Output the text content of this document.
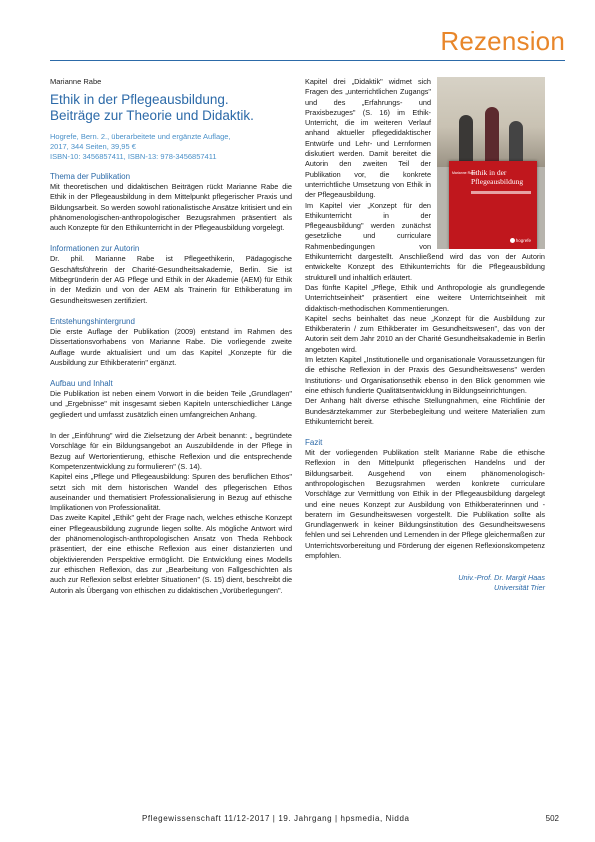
Rezension
Marianne Rabe
Ethik in der Pflegeausbildung.
Beiträge zur Theorie und Didaktik.
Hogrefe, Bern. 2., überarbeitete und ergänzte Auflage,
2017, 344 Seiten, 39,95 €
ISBN-10: 3456857411, ISBN-13: 978-3456857411
Thema der Publikation

Mit theoretischen und didaktischen Beiträgen rückt Marianne Rabe die Ethik in der Pflegeausbildung in dem Mittelpunkt pflegerischer Praxis und Bildungsarbeit. So werden sowohl rationalistische Ansätze kritisiert und ein phänomenologischen-anthropologischer Bezugsrahmen präsentiert als auch Konzepte für den Ethikunterricht in der Pflegeausbildung vorgelegt.

Informationen zur Autorin

Dr. phil. Marianne Rabe ist Pflegeethikerin, Pädagogische Geschäftsführerin der Charité-Gesundheitsakademie, Berlin. Sie ist Mitbegründerin der AG Pflege und Ethik in der Akademie (AEM) für Ethik in der Medizin und von der AEM als Trainerin für Ethikberatung im Gesundheitswesen zertifiziert.

Entstehungshintergrund

Die erste Auflage der Publikation (2009) entstand im Rahmen des Dissertationsvorhabens von Marianne Rabe. Die vorliegende zweite Auflage wurde aktualisiert und um das Kapitel „Konzepte für die Ausbildung zur Ethikberaterin" ergänzt.

Aufbau und Inhalt

Die Publikation ist neben einem Vorwort in die beiden Teile „Grundlagen" und „Ergebnisse" mit insgesamt sieben Kapiteln unterschiedlicher Länge gegliedert und umfasst zusätzlich einen umfangreichen Anhang.

In der „Einführung" wird die Zielsetzung der Arbeit benannt: „ begründete Vorschläge für ein Bildungsangebot an Auszubildende in der Pflege in Bezug auf Wertorientierung, ethische Reflexion und die entsprechende Kompetenzentwicklung zu formulieren" (S. 14).

Kapitel eins „Pflege und Pflegeausbildung: Spuren des beruflichen Ethos" setzt sich mit dem historischen Wandel des pflegerischen Ethos auseinander und thematisiert Professionalisierung in Bezug auf ethische Implikationen von Professionalität.

Das zweite Kapitel „Ethik" geht der Frage nach, welches ethische Konzept einer Pflegeausbildung zugrunde liegen sollte. Als mögliche Antwort wird der phänomenologisch-anthropologischen Ansatz von Theda Rehbock präsentiert, der eine ethische Reflexion aus einer distanzierten und objektivierenden Perspektive ermöglicht. Die Entwicklung eines Modells zur ethischen Reflexion, das zur „Bearbeitung von Fallgeschichten als auch zur Reflexion selbst erlebter Situationen" (S. 15) dient, beschreibt die Autorin als Übergang von ethischen zu didaktischen „Vorüberlegungen".

Marianne Rabe
Ethik in der Pflegeausbildung
hogrefe

Kapitel drei „Didaktik" widmet sich Fragen des „unterrichtlichen Zugangs" und des „Erfahrungs- und Praxisbezuges" (S. 16) im Ethik-Unterricht, die im weiteren Verlauf anhand aktueller pflegedidaktischer Entwürfe und Lehr- und Lernformen diskutiert werden. Damit bereitet die Autorin den zweiten Teil der Publikation vor, die konkrete unterrichtliche Umsetzung von Ethik in der Pflegeausbildung.

Im Kapitel vier „Konzept für den Ethikunterricht in der Pflegeausbildung" werden zunächst gesetzliche und curriculare Rahmenbedingungen von Ethikunterricht dargestellt. Anschließend wird das von der Autorin entwickelte Konzept des Ethikunterrichts für die Pflegeausbildung strukturell und inhaltlich erläutert.

Das fünfte Kapitel „Pflege, Ethik und Anthropologie als grundlegende Unterrichtseinheit" präsentiert eine weitere Unterrichtseinheit mit didaktisch-methodischen Kommentierungen.

Kapitel sechs beinhaltet das neue „Konzept für die Ausbildung zur Ethikberaterin / zum Ethikberater im Gesundheitswesen", das von der Autorin seit dem Jahr 2010 an der Charité Gesundheitsakademie in Berlin angeboten wird.

Im letzten Kapitel „Institutionelle und organisationale Voraussetzungen für die ethische Reflexion in der Praxis des Gesundheitswesens" werden Institutions- und Organisationsethik ebenso in den Blick genommen wie eine ethisch fundierte Qualitätsentwicklung in Bildungseinrichtungen.

Der Anhang hält diverse ethische Stellungnahmen, eine Richtlinie der Bundesärztekammer zur Sterbebegleitung und weitere Materialien zum Ethikunterricht bereit.

Fazit

Mit der vorliegenden Publikation stellt Marianne Rabe die ethische Reflexion in den Mittelpunkt pflegerischen Handelns und der Bildungsarbeit. Ausgehend von einem phänomenologisch-anthropologischen Bezugsrahmen werden konkrete curriculare Vorschläge zur Vermittlung von Ethik in der Pflegeausbildung dargelegt und eine neues Konzept zur Ausbildung von Ethikberaterinnen und -beratern im Gesundheitswesen vorgestellt. Die Publikation sollte als Grundlagenwerk in keiner Bildungsinstitution des Gesundheitswesens fehlen und sei Lehrenden und Lernenden in der Pflege gleichermaßen zur Unterrichtsvorbereitung und Förderung der eigenen Reflexionskompetenz empfohlen.

Univ.-Prof. Dr. Margit Haas
Universität Trier
Pflegewissenschaft 11/12-2017 | 19. Jahrgang | hpsmedia, Nidda	502
